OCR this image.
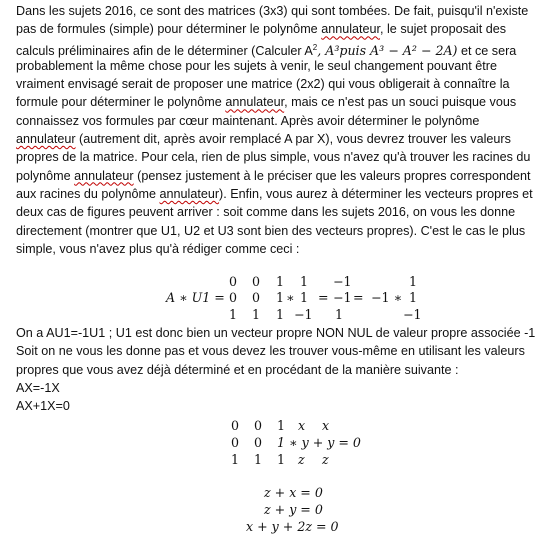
Dans les sujets 2016, ce sont des matrices (3x3) qui sont tombées. De fait, puisqu'il n'existe
pas de formules (simple) pour déterminer le polynôme annulateur, le sujet proposait des
calculs préliminaires afin de le déterminer (Calculer $A^2$, A³puis A³ − A² − 2A) et ce sera
probablement la même chose pour les sujets à venir, le seul changement pouvant être
vraiment envisagé serait de proposer une matrice (2x2) qui vous obligerait à connaître la
formule pour déterminer le polynôme annulateur, mais ce n'est pas un souci puisque vous
connaissez vos formules par cœur maintenant. Après avoir déterminer le polynôme
annulateur (autrement dit, après avoir remplacé A par X), vous devrez trouver les valeurs
propres de la matrice. Pour cela, rien de plus simple, vous n'avez qu'à trouver les racines du
polynôme annulateur (pensez justement à le préciser que les valeurs propres correspondent
aux racines du polynôme annulateur). Enfin, vous aurez à déterminer les vecteurs propres et
deux cas de figures peuvent arriver : soit comme dans les sujets 2016, on vous les donne
directement (montrer que U1, U2 et U3 sont bien des vecteurs propres). C'est le cas le plus
simple, vous n'avez plus qu'à rédiger comme ceci :
A ∗ U1 =
0 0 1 1 −1	1
0 0 1 ∗ 1 = −1 = −1 ∗ 1
1 1 1 −1 1	−1
On a AU1=-1U1 ; U1 est donc bien un vecteur propre NON NUL de valeur propre associée -1
Soit on ne vous les donne pas et vous devez les trouver vous-même en utilisant les valeurs
propres que vous avez déjà déterminé et en procédant de la manière suivante :
AX=-1X
AX+1X=0
0 0 1 x x
0 0 1 ∗ y + y = 0
1 1 1 z z
z + x = 0
z + y = 0
x + y + 2z = 0
